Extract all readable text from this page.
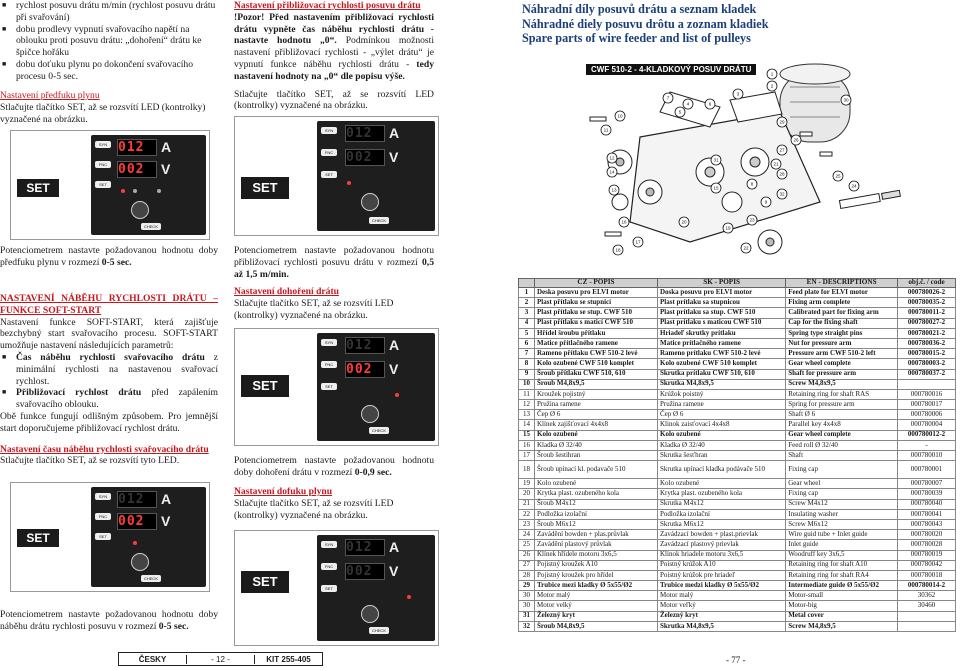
■ rychlost posuvu drátu m/min (rychlost posuvu drátu při svařování)
■ dobu prodlevy vypnutí svařovacího napětí na oblouku proti posuvu drátu: „dohoření“ drátu ke špičce hořáku
■ dobu doťuku plynu po dokončení svařovacího procesu 0-5 sec.
Nastavení předfuku plynu
Stlačujte tlačítko SET, až se rozsvítí LED (kontrolky) vyznačené na obrázku.
SYN
FNC
SET
012	A
002	V
CHECK
SET
Potenciometrem nastavte požadovanou hodnotu doby předfuku plynu v rozmezí 0-5 sec.
NASTAVENÍ NÁBĚHU RYCHLOSTI DRÁTU – FUNKCE SOFT-START
Nastavení funkce SOFT-START, která zajišťuje bezchybný start svařovacího procesu. SOFT-START umožňuje nastavení následujících parametrů:
■ Čas náběhu rychlosti svařovacího drátu z minimální rychlosti na nastavenou svařovací rychlost.
■ Přibližovací rychlost drátu před zapálením svařovacího oblouku.
Obě funkce fungují odlišným způsobem. Pro jemnější start doporučujeme přibližovací rychlost drátu.
Nastavení času náběhu rychlosti svařovacího drátu
Stlačujte tlačítko SET, až se rozsvítí tyto LED.
SYN
FNC
SET
012	A
002	V
CHECK
SET
Potenciometrem nastavte požadovanou hodnotu doby náběhu drátu rychlosti posuvu v rozmezí 0-5 sec.
Nastavení přibližovací rychlosti posuvu drátu
!Pozor! Před nastavením přibližovací rychlosti drátu vypněte čas náběhu rychlosti drátu - nastavte hodnotu „0“. Podmínkou možnosti nastavení přibližovací rychlosti - „výlet drátu“ je vypnutí funkce náběhu rychlosti drátu - tedy nastavení hodnoty na „0“ dle popisu výše.
Stlačujte tlačítko SET, až se rozsvítí LED (kontrolky) vyznačené na obrázku.
SYN
FNC
SET
012	A
002	V
CHECK
SET
Potenciometrem nastavte požadovanou hodnotu přibližovací rychlosti posuvu drátu v rozmezí 0,5 až 1,5 m/min.
Nastavení dohoření drátu
Stlačujte tlačítko SET, až se rozsvítí LED (kontrolky) vyznačené na obrázku.
SYN
FNC
SET
012	A
002	V
CHECK
SET
Potenciometrem nastavte požadovanou hodnotu doby dohoření drátu v rozmezí 0-0,9 sec.
Nastavení dofuku plynu
Stlačujte tlačítko SET, až se rozsvítí LED (kontrolky) vyznačené na obrázku.
SYN
FNC
SET
012	A
002	V
CHECK
SET
Náhradní díly posuvů drátu a seznam kladek
Náhradné diely posuvu drôtu a zoznam kladiek
Spare parts of wire feeder and list of pulleys
CWF 510-2 - 4-KLADKOVÝ POSUV DRÁTU
1
2
3
4
5
6
7
8
9
10
11
12
13
14
15
16
17
18
19
20
21
22
23
24
25
26
27
28
29
30
31
32
	CZ - POPIS	SK - POPIS	EN - DESCRIPTIONS	obj.č. / code
1	Deska posuvu pro ELVI motor	Doska posuvu pro ELVI motor	Feed plate for ELVI motor	000780026-2
2	Plast přítlaku se stupnicí	Plast prítlaku sa stupnicou	Fixing arm complete	000780035-2
3	Plast přítlaku se stup. CWF 510	Plast prítlaku sa stup. CWF 510	Calibrated part for fixing arm	000780011-2
4	Plast přítlaku s maticí CWF 510	Plast prítlaku s maticou CWF 510	Cap for the fixing shaft	000780027-2
5	Hřídel šroubu přítlaku	Hriadeľ skrutky prítlaku	Spring type straight pins	000780021-2
6	Matice přítlačného ramene	Matice prítlačného ramene	Nut for pressure arm	000780036-2
7	Rameno přítlaku CWF 510-2 levé	Rameno prítlaku CWF 510-2 levé	Pressure arm CWF 510-2 left	000780015-2
8	Kolo ozubené CWF 510 komplet	Kolo ozubené CWF 510 komplet	Gear wheel complete	000780003-2
9	Šroub přítlaku CWF 510, 610	Skrutka prítlaku CWF 510, 610	Shaft for pressure arm	000780037-2
10	Šroub M4,8x9,5	Skrutka M4,8x9,5	Screw M4,8x9,5	
11	Kroužek pojistný	Krúžok poistný	Retaining ring for shaft RAS	000780016
12	Pružina ramene	Pružina ramene	Spring for pressure arm	000780017
13	Čep Ø 6	Čep Ø 6	Shaft Ø 6	000780006
14	Klínek zajišťovací 4x4x8	Klinok zaisťovací 4x4x8	Parallel key 4x4x8	000780004
15	Kolo ozubené	Kolo ozubené	Gear wheel complete	000780012-2
16	Kladka Ø 32/40	Kladka Ø 32/40	Feed roll Ø 32/40	-
17	Šroub šestihran	Skrutka šesťhran	Shaft	000780010
18	Šroub upínací kl. podavače 510	Skrutka upínací kladka podávače 510	Fixing cap	000780001
19	Kolo ozubené	Kolo ozubené	Gear wheel	000780007
20	Krytka plast. ozubeného kola	Krytka plast. ozubeného kola	Fixing cap	000780039
21	Šroub M4x12	Skrutka M4x12	Screw M4x12	000780040
22	Podložka izolační	Podložka izolační	Insulating washer	000780041
23	Šroub M6x12	Skrutka M6x12	Screw M6x12	000780043
24	Zavádění bowden + plas.průvlak	Zavádzací bowden + plast.prievlak	Wire guid tube + Inlet guide	000780020
25	Zavádění plastový průvlak	Zavádzací plastový prievlak	Inlet guide	000780028
26	Klínek hřídele motoru 3x6,5	Klinok hriadele motoru 3x6,5	Woodruff key 3x6,5	000780019
27	Pojistný kroužek A10	Poistný krúžok A10	Retaining ring for shaft A10	000780042
28	Pojistný kroužek pro hřídel	Poistný krúžok pre hriadeľ	Retaining ring for shaft RA4	000780018
29	Trubice mezi kladky Ø 5x55/Ø2	Trubice medzi kladky Ø 5x55/Ø2	Intermediate guide Ø 5x55/Ø2	000780014-2
30	Motor malý	Motor malý	Motor-small	30362
30	Motor velký	Motor veľký	Motor-big	30460
31	Železný kryt	Železný kryt	Metal cover	
32	Šroub M4,8x9,5	Skrutka M4,8x9,5	Screw M4,8x9,5	
ČESKY	- 12 -	KIT 255-405	- 77 -
